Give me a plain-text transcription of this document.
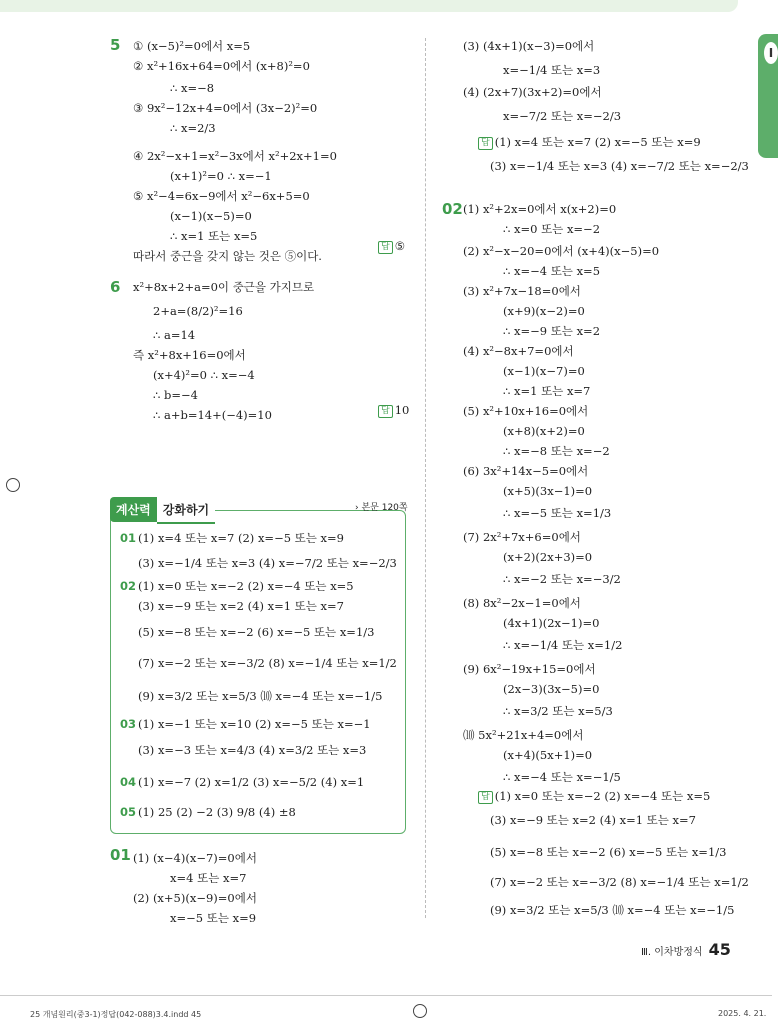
I
5 ① (x−5)²=0에서 x=5
② x²+16x+64=0에서 (x+8)²=0
∴ x=−8
③ 9x²−12x+4=0에서 (3x−2)²=0
∴ x=2/3
④ 2x²−x+1=x²−3x에서 x²+2x+1=0
(x+1)²=0 ∴ x=−1
⑤ x²−4=6x−9에서 x²−6x+5=0
(x−1)(x−5)=0
∴ x=1 또는 x=5
따라서 중근을 갖지 않는 것은 ⑤이다.
답 ⑤
6 x²+8x+2+a=0이 중근을 가지므로
2+a=(8/2)²=16
∴ a=14
즉 x²+8x+16=0에서
(x+4)²=0 ∴ x=−4
∴ b=−4
∴ a+b=14+(−4)=10	답 10
계산력 강화하기	› 본문 120쪽
01 (1) x=4 또는 x=7 (2) x=−5 또는 x=9
(3) x=−1/4 또는 x=3 (4) x=−7/2 또는 x=−2/3
02 (1) x=0 또는 x=−2 (2) x=−4 또는 x=5
(3) x=−9 또는 x=2 (4) x=1 또는 x=7
(5) x=−8 또는 x=−2 (6) x=−5 또는 x=1/3
(7) x=−2 또는 x=−3/2 (8) x=−1/4 또는 x=1/2
(9) x=3/2 또는 x=5/3 ⑽ x=−4 또는 x=−1/5
03 (1) x=−1 또는 x=10 (2) x=−5 또는 x=−1
(3) x=−3 또는 x=4/3 (4) x=3/2 또는 x=3
04 (1) x=−7 (2) x=1/2 (3) x=−5/2 (4) x=1
05 (1) 25 (2) −2 (3) 9/8 (4) ±8
01 (1) (x−4)(x−7)=0에서
x=4 또는 x=7
(2) (x+5)(x−9)=0에서
x=−5 또는 x=9
(3) (4x+1)(x−3)=0에서
x=−1/4 또는 x=3
(4) (2x+7)(3x+2)=0에서
x=−7/2 또는 x=−2/3
답 (1) x=4 또는 x=7 (2) x=−5 또는 x=9
(3) x=−1/4 또는 x=3 (4) x=−7/2 또는 x=−2/3
02 (1) x²+2x=0에서 x(x+2)=0
∴ x=0 또는 x=−2
(2) x²−x−20=0에서 (x+4)(x−5)=0
∴ x=−4 또는 x=5
(3) x²+7x−18=0에서
(x+9)(x−2)=0
∴ x=−9 또는 x=2
(4) x²−8x+7=0에서
(x−1)(x−7)=0
∴ x=1 또는 x=7
(5) x²+10x+16=0에서
(x+8)(x+2)=0
∴ x=−8 또는 x=−2
(6) 3x²+14x−5=0에서
(x+5)(3x−1)=0
∴ x=−5 또는 x=1/3
(7) 2x²+7x+6=0에서
(x+2)(2x+3)=0
∴ x=−2 또는 x=−3/2
(8) 8x²−2x−1=0에서
(4x+1)(2x−1)=0
∴ x=−1/4 또는 x=1/2
(9) 6x²−19x+15=0에서
(2x−3)(3x−5)=0
∴ x=3/2 또는 x=5/3
⑽ 5x²+21x+4=0에서
(x+4)(5x+1)=0
∴ x=−4 또는 x=−1/5
답 (1) x=0 또는 x=−2 (2) x=−4 또는 x=5
(3) x=−9 또는 x=2 (4) x=1 또는 x=7
(5) x=−8 또는 x=−2 (6) x=−5 또는 x=1/3
(7) x=−2 또는 x=−3/2 (8) x=−1/4 또는 x=1/2
(9) x=3/2 또는 x=5/3 ⑽ x=−4 또는 x=−1/5
Ⅲ. 이차방정식 45
25 개념원리(중3-1)정답(042-088)3.4.indd 45	2025. 4. 21.
